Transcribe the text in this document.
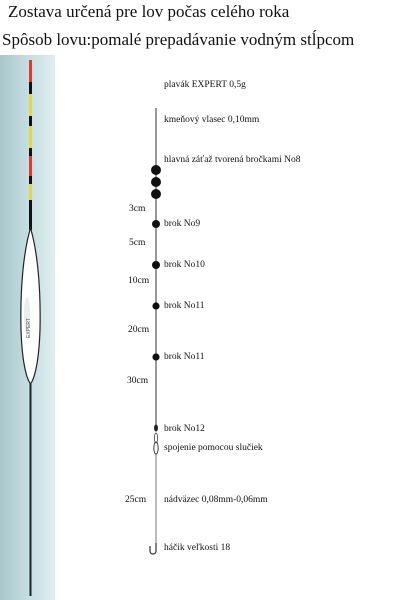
Zostava určená pre lov počas celého roka
Spôsob lovu:pomalé prepadávanie vodným stĺpcom
EXPERT
plavák EXPERT 0,5g
kmeňový vlasec 0,10mm
hlavná záťaž tvorená bročkami No8
brok No9
brok No10
brok No11
brok No11
brok No12
spojenie pomocou slučiek
nádväzec 0,08mm-0,06mm
háčik veľkosti 18
3cm
5cm
10cm
20cm
30cm
25cm
